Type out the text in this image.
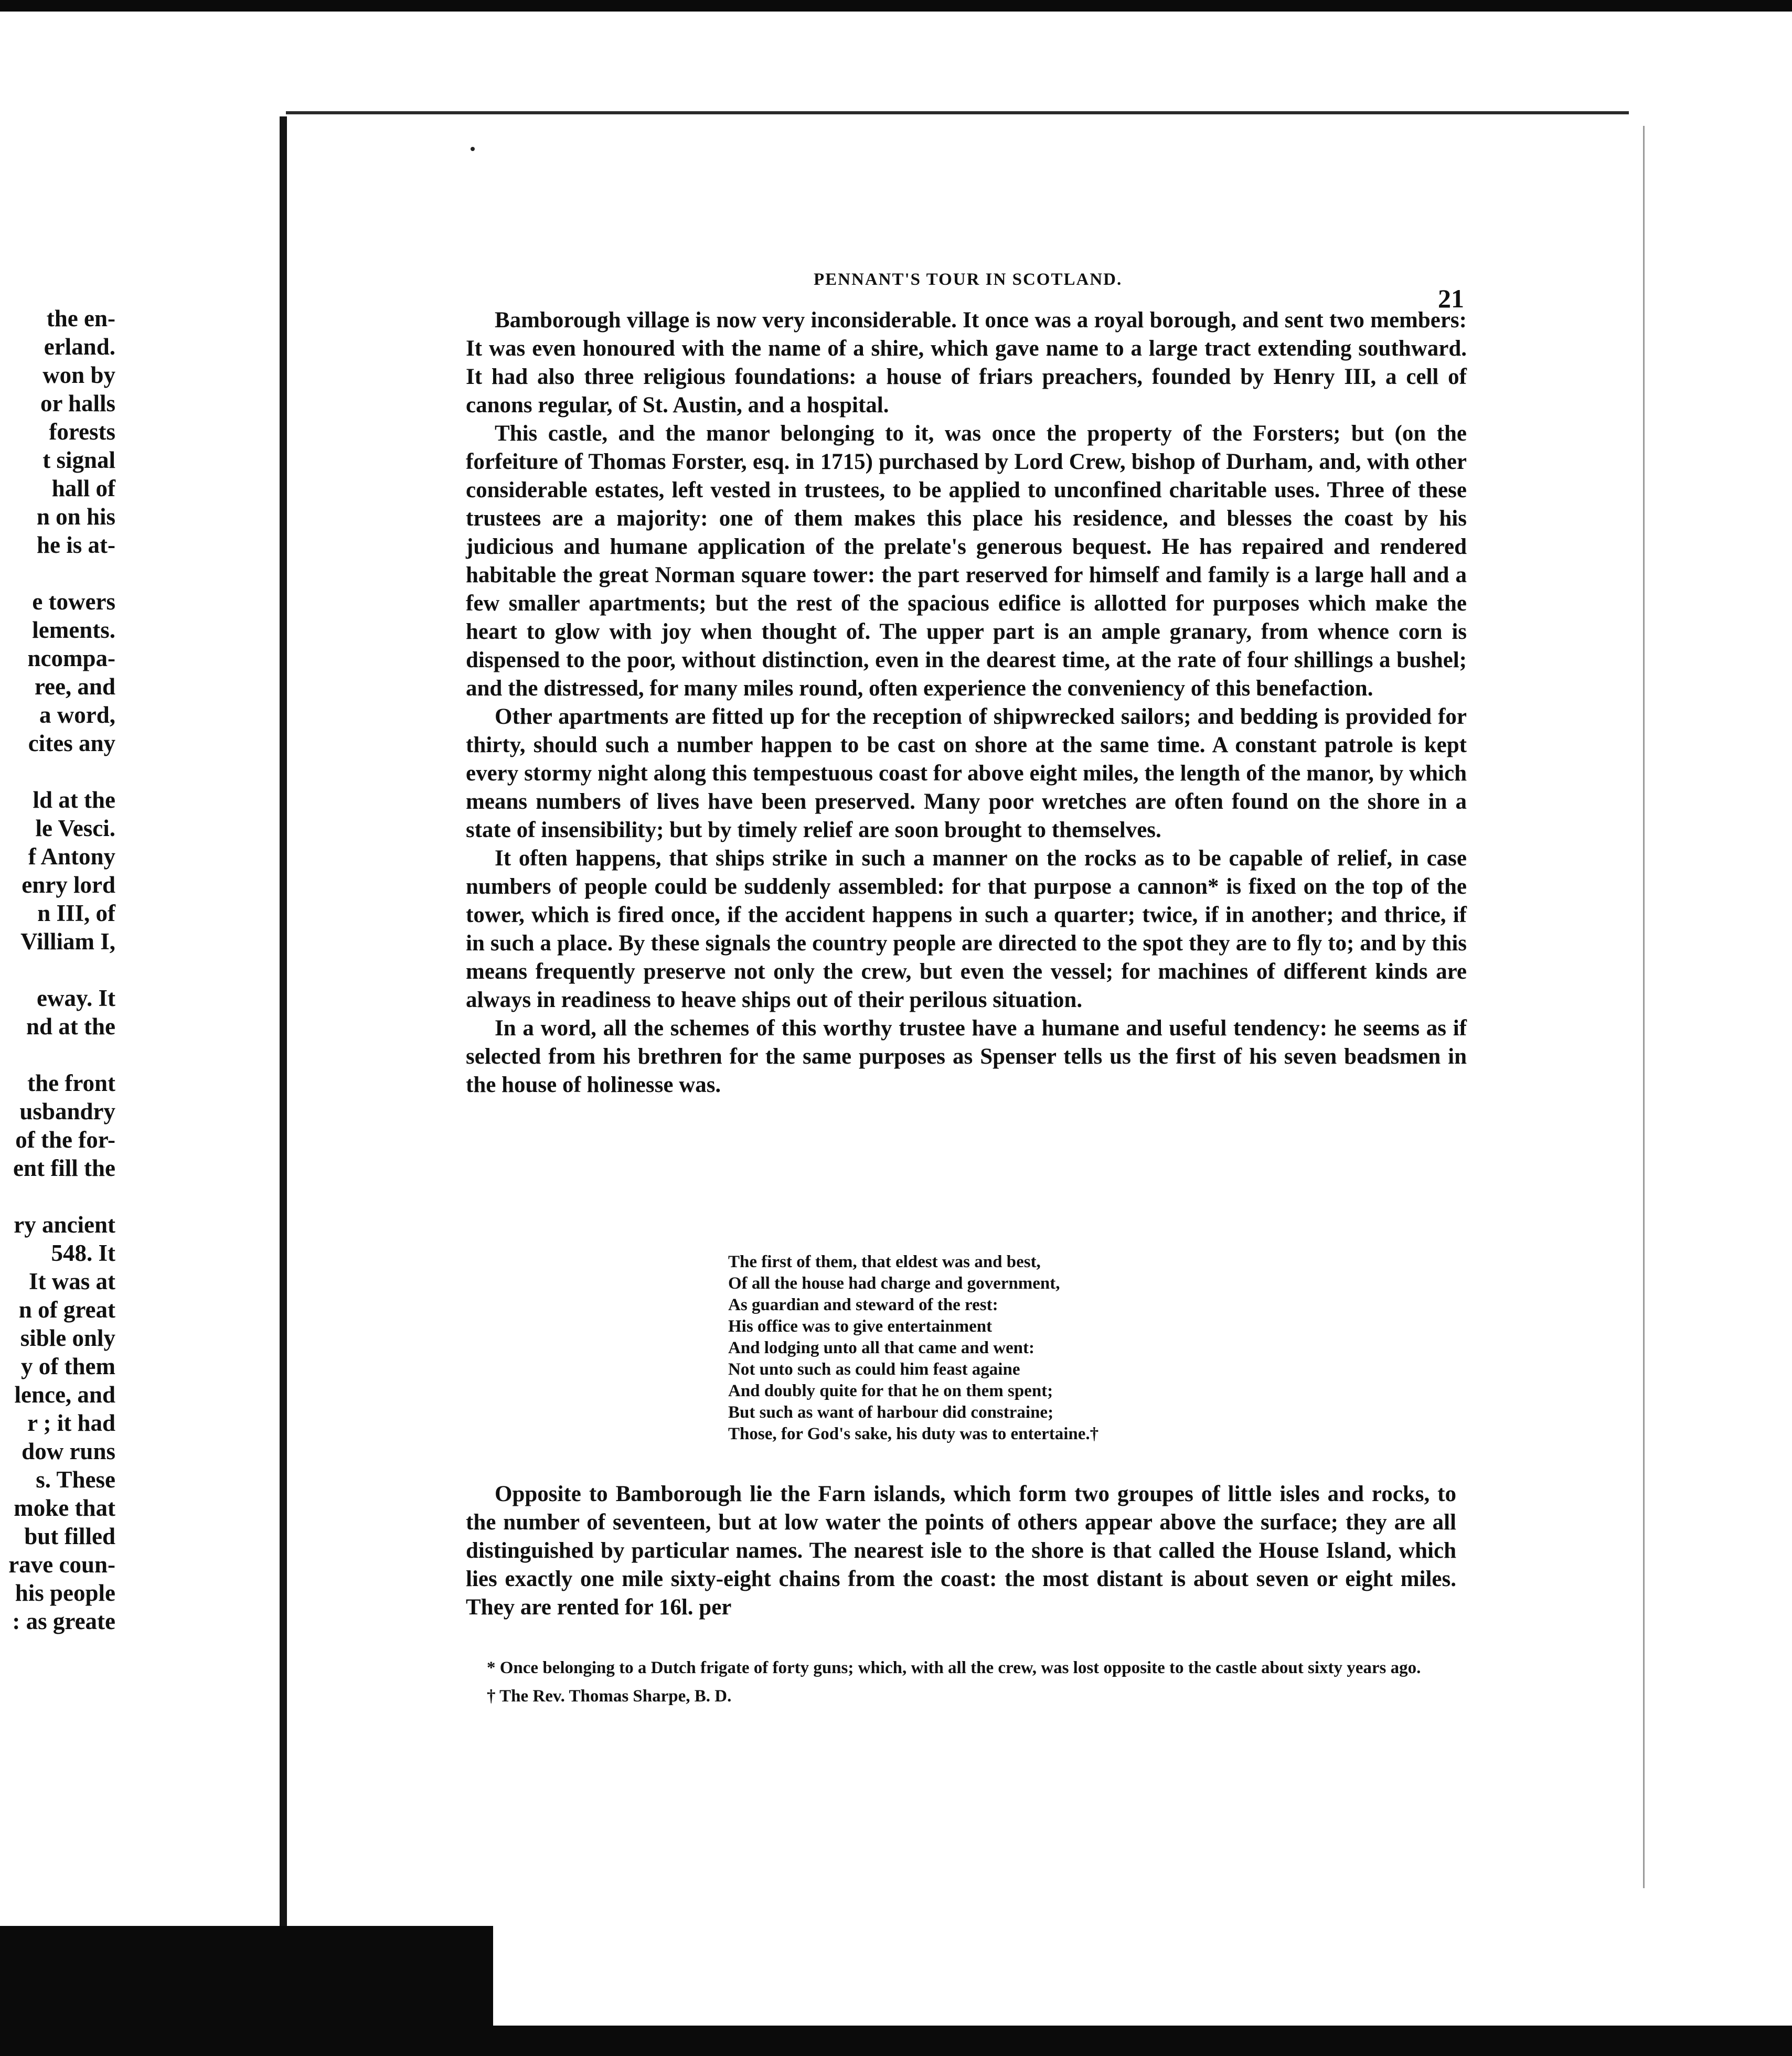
the en-
erland.
won by
or halls
forests
t signal
hall of
n on his
he is at-
e towers
lements.
ncompa-
ree, and
a word,
cites any
ld at the
le Vesci.
f Antony
enry lord
n III, of
Villiam I,
eway. It
nd at the
the front
usbandry
of the for-
ent fill the
ry ancient
548. It
It was at
n of great
sible only
y of them
lence, and
r ; it had
dow runs
s. These
moke that
but filled
rave coun-
his people
: as greate
PENNANT'S TOUR IN SCOTLAND.
21

Bamborough village is now very inconsiderable. It once was a royal borough, and sent two members: It was even honoured with the name of a shire, which gave name to a large tract extending southward. It had also three religious foundations: a house of friars preachers, founded by Henry III, a cell of canons regular, of St. Austin, and a hospital.

This castle, and the manor belonging to it, was once the property of the Forsters; but (on the forfeiture of Thomas Forster, esq. in 1715) purchased by Lord Crew, bishop of Durham, and, with other considerable estates, left vested in trustees, to be applied to unconfined charitable uses. Three of these trustees are a majority: one of them makes this place his residence, and blesses the coast by his judicious and humane application of the prelate's generous bequest. He has repaired and rendered habitable the great Norman square tower: the part reserved for himself and family is a large hall and a few smaller apartments; but the rest of the spacious edifice is allotted for purposes which make the heart to glow with joy when thought of. The upper part is an ample granary, from whence corn is dispensed to the poor, without distinction, even in the dearest time, at the rate of four shillings a bushel; and the distressed, for many miles round, often experience the conveniency of this benefaction.

Other apartments are fitted up for the reception of shipwrecked sailors; and bedding is provided for thirty, should such a number happen to be cast on shore at the same time. A constant patrole is kept every stormy night along this tempestuous coast for above eight miles, the length of the manor, by which means numbers of lives have been preserved. Many poor wretches are often found on the shore in a state of insensibility; but by timely relief are soon brought to themselves.

It often happens, that ships strike in such a manner on the rocks as to be capable of relief, in case numbers of people could be suddenly assembled: for that purpose a cannon* is fixed on the top of the tower, which is fired once, if the accident happens in such a quarter; twice, if in another; and thrice, if in such a place. By these signals the country people are directed to the spot they are to fly to; and by this means frequently preserve not only the crew, but even the vessel; for machines of different kinds are always in readiness to heave ships out of their perilous situation.

In a word, all the schemes of this worthy trustee have a humane and useful tendency: he seems as if selected from his brethren for the same purposes as Spenser tells us the first of his seven beadsmen in the house of holinesse was.

The first of them, that eldest was and best,
Of all the house had charge and government,
As guardian and steward of the rest:
His office was to give entertainment
And lodging unto all that came and went:
Not unto such as could him feast againe
And doubly quite for that he on them spent;
But such as want of harbour did constraine;
Those, for God's sake, his duty was to entertaine.†

Opposite to Bamborough lie the Farn islands, which form two groupes of little isles and rocks, to the number of seventeen, but at low water the points of others appear above the surface; they are all distinguished by particular names. The nearest isle to the shore is that called the House Island, which lies exactly one mile sixty-eight chains from the coast: the most distant is about seven or eight miles. They are rented for 16l. per

* Once belonging to a Dutch frigate of forty guns; which, with all the crew, was lost opposite to the castle about sixty years ago.

† The Rev. Thomas Sharpe, B. D.
